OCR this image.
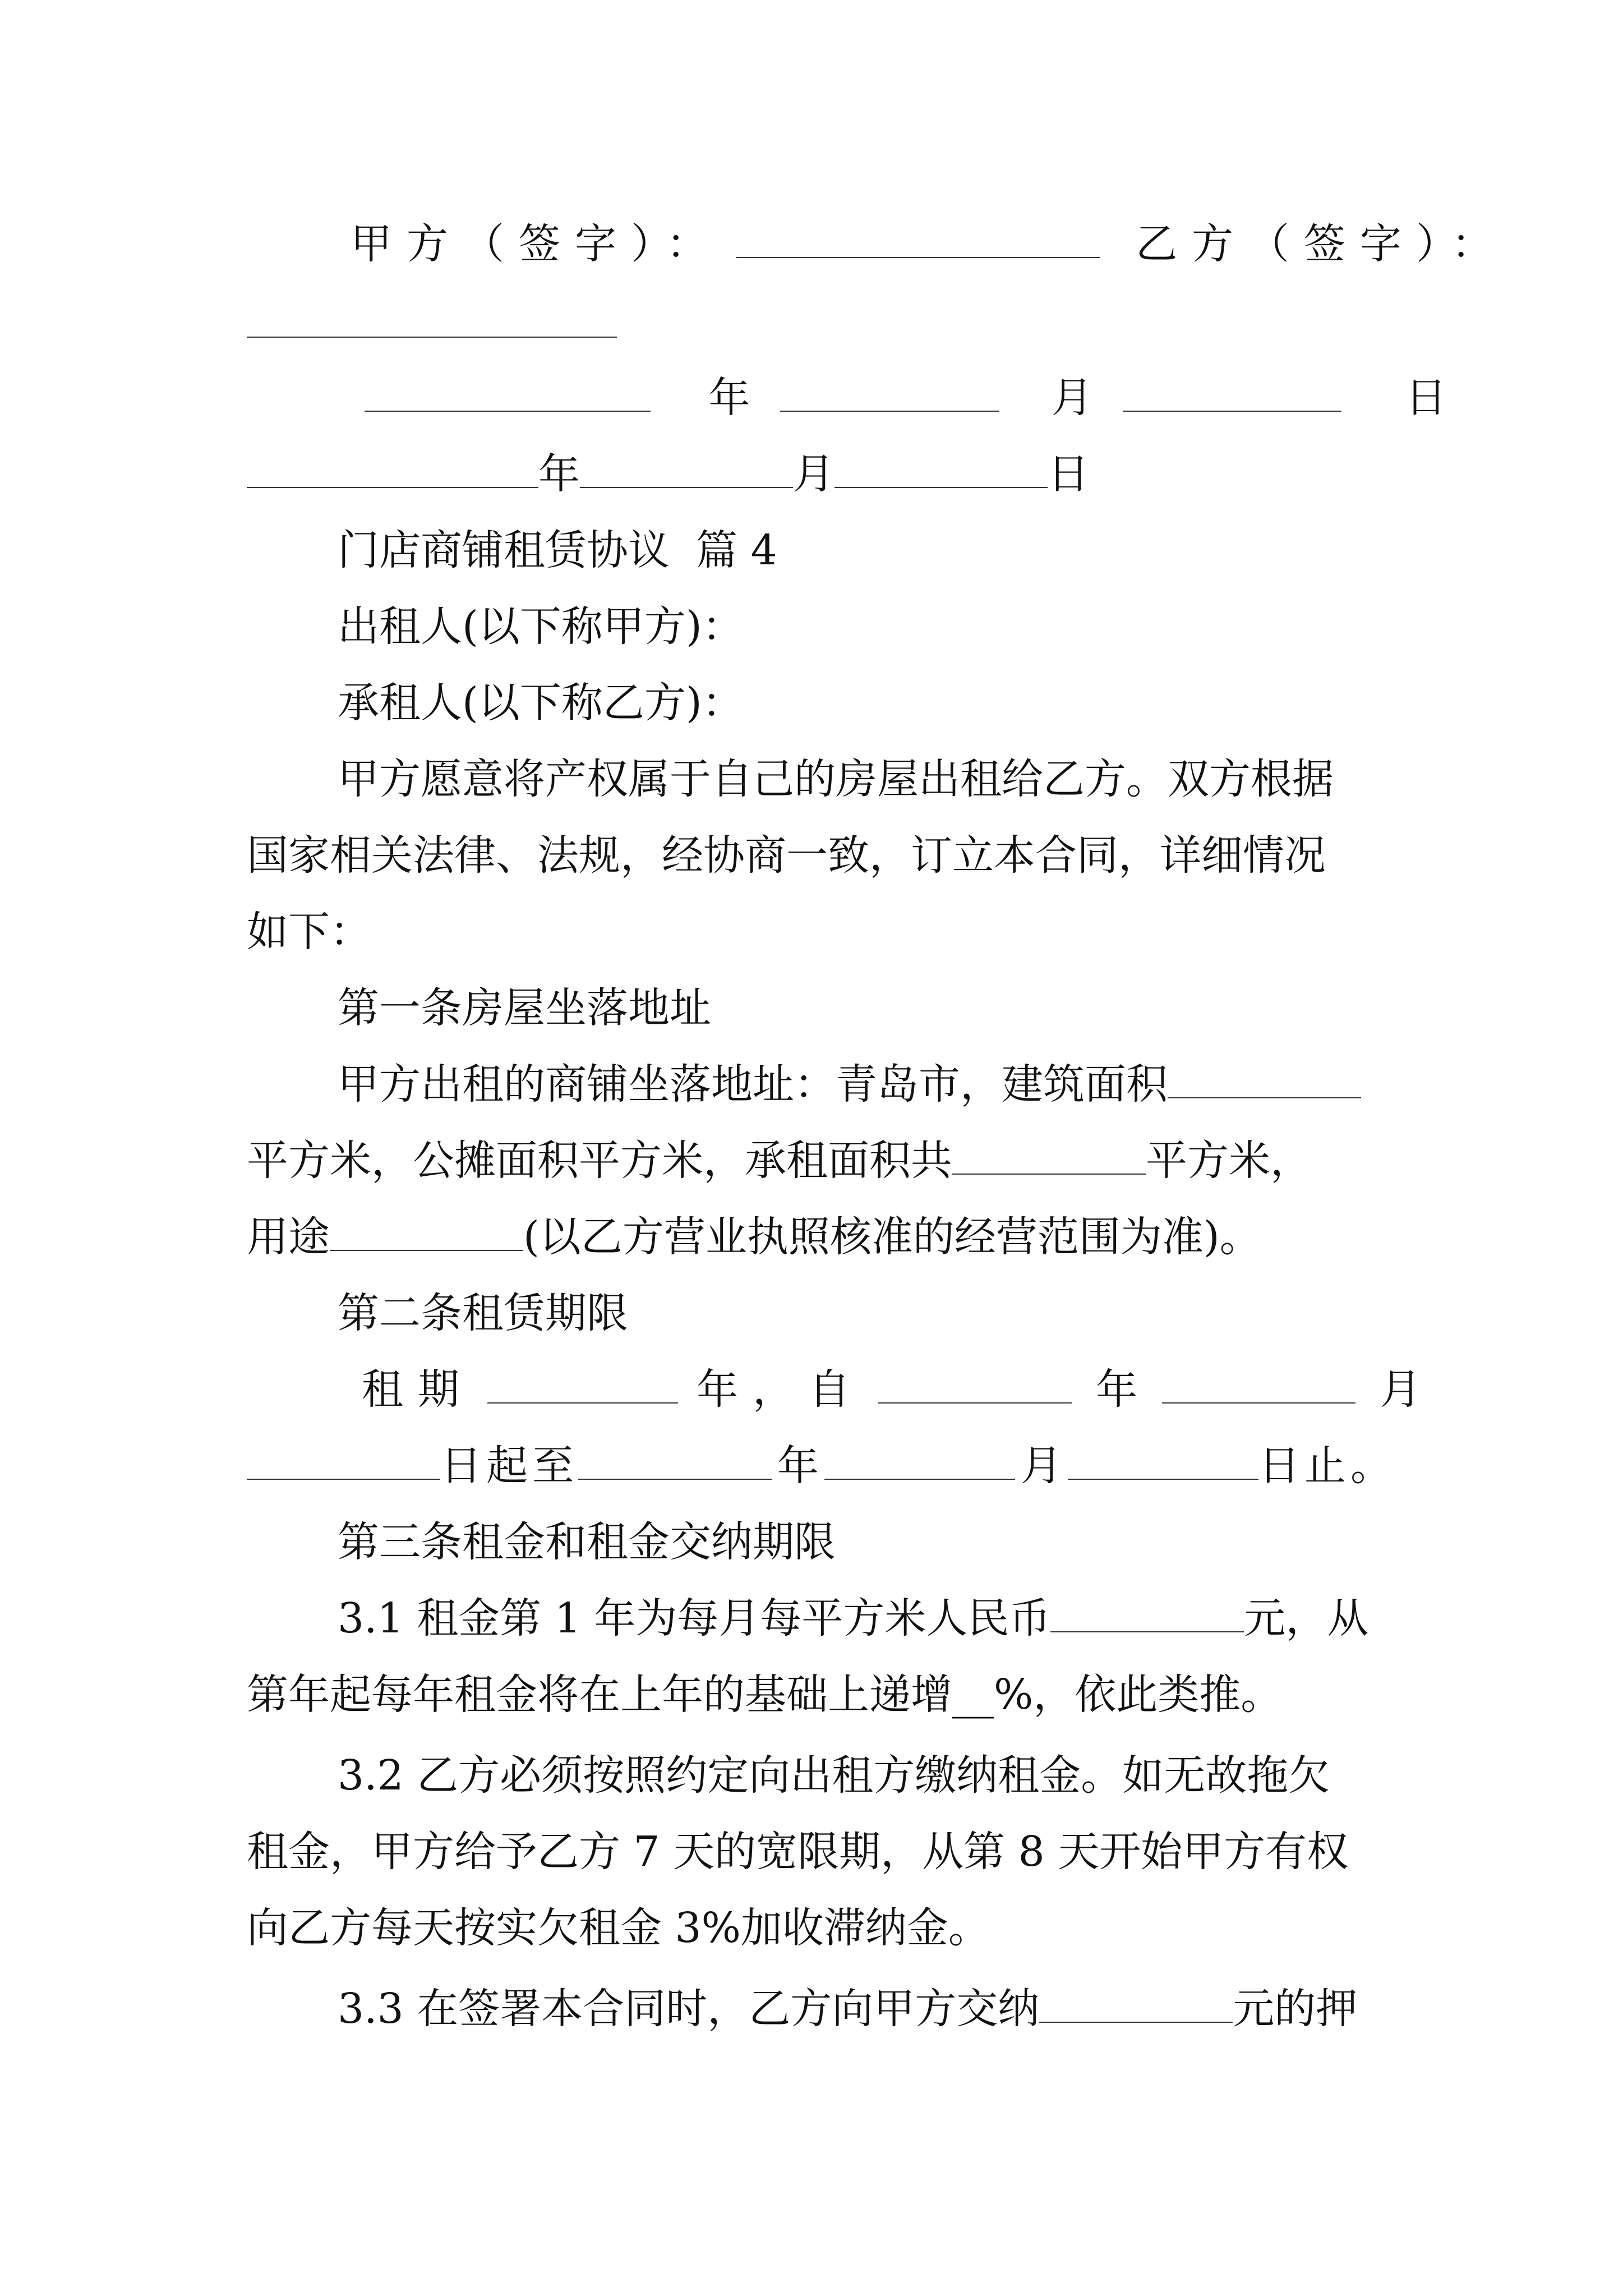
甲方（签字）：	乙方（签字）：
年	月	日
年	月	日
门店商铺租赁协议  篇 4
出租人(以下称甲方)：
承租人(以下称乙方)：
甲方愿意将产权属于自己的房屋出租给乙方。双方根据
国家相关法律、法规，经协商一致，订立本合同，详细情况
如下：
第一条房屋坐落地址
甲方出租的商铺坐落地址：青岛市，建筑面积
平方米，公摊面积平方米，承租面积共	平方米，
用途	(以乙方营业执照核准的经营范围为准)。
第二条租赁期限
租期	年，自	年	月
日起至	年	月	日止。
第三条租金和租金交纳期限
3.1 租金第 1 年为每月每平方米人民币	元，从
第年起每年租金将在上年的基础上递增__%，依此类推。
3.2 乙方必须按照约定向出租方缴纳租金。如无故拖欠
租金，甲方给予乙方 7 天的宽限期，从第 8 天开始甲方有权
向乙方每天按实欠租金 3%加收滞纳金。
3.3 在签署本合同时，乙方向甲方交纳	元的押
